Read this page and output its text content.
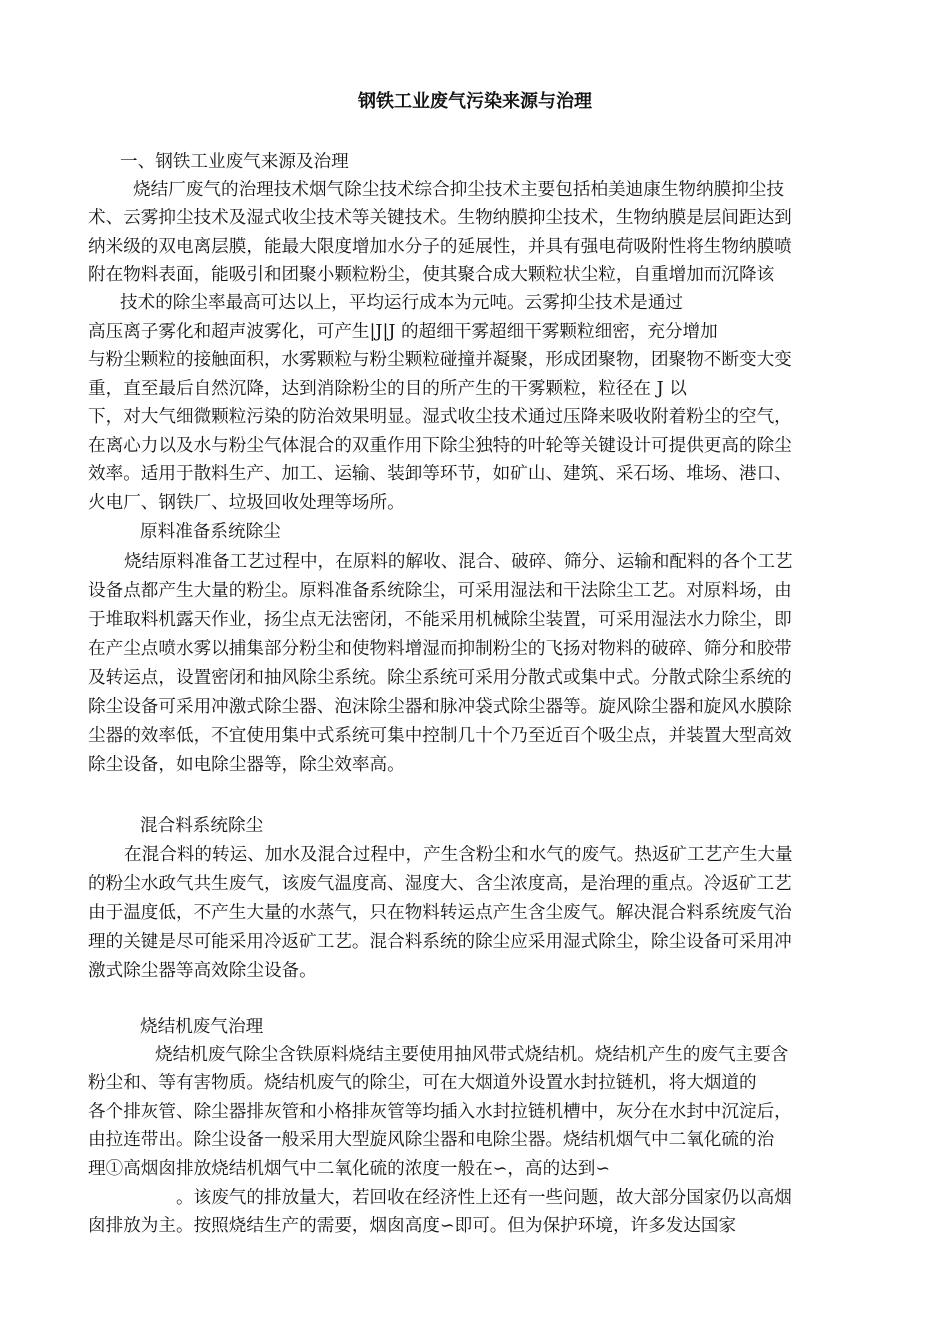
钢铁工业废气污染来源与治理
一、钢铁工业废气来源及治理
烧结厂废气的治理技术烟气除尘技术综合抑尘技术主要包括柏美迪康生物纳膜抑尘技
术、云雾抑尘技术及湿式收尘技术等关键技术。生物纳膜抑尘技术，生物纳膜是层间距达到
纳米级的双电离层膜，能最大限度增加水分子的延展性，并具有强电荷吸附性将生物纳膜喷
附在物料表面，能吸引和团聚小颗粒粉尘，使其聚合成大颗粒状尘粒，自重增加而沉降该
技术的除尘率最高可达以上，平均运行成本为元吨。云雾抑尘技术是通过
高压离子雾化和超声波雾化，可产生|J|J 的超细干雾超细干雾颗粒细密，充分增加
与粉尘颗粒的接触面积，水雾颗粒与粉尘颗粒碰撞并凝聚，形成团聚物，团聚物不断变大变
重，直至最后自然沉降，达到消除粉尘的目的所产生的干雾颗粒，粒径在 J 以
下，对大气细微颗粒污染的防治效果明显。湿式收尘技术通过压降来吸收附着粉尘的空气，
在离心力以及水与粉尘气体混合的双重作用下除尘独特的叶轮等关键设计可提供更高的除尘
效率。适用于散料生产、加工、运输、装卸等环节，如矿山、建筑、采石场、堆场、港口、
火电厂、钢铁厂、垃圾回收处理等场所。
原料准备系统除尘
烧结原料准备工艺过程中，在原料的解收、混合、破碎、筛分、运输和配料的各个工艺
设备点都产生大量的粉尘。原料准备系统除尘，可采用湿法和干法除尘工艺。对原料场，由
于堆取料机露天作业，扬尘点无法密闭，不能采用机械除尘装置，可采用湿法水力除尘，即
在产尘点喷水雾以捕集部分粉尘和使物料增湿而抑制粉尘的飞扬对物料的破碎、筛分和胶带
及转运点，设置密闭和抽风除尘系统。除尘系统可采用分散式或集中式。分散式除尘系统的
除尘设备可采用冲激式除尘器、泡沫除尘器和脉冲袋式除尘器等。旋风除尘器和旋风水膜除
尘器的效率低，不宜使用集中式系统可集中控制几十个乃至近百个吸尘点，并装置大型高效
除尘设备，如电除尘器等，除尘效率高。
混合料系统除尘
在混合料的转运、加水及混合过程中，产生含粉尘和水气的废气。热返矿工艺产生大量
的粉尘水政气共生废气，该废气温度高、湿度大、含尘浓度高，是治理的重点。冷返矿工艺
由于温度低，不产生大量的水蒸气，只在物料转运点产生含尘废气。解决混合料系统废气治
理的关键是尽可能采用冷返矿工艺。混合料系统的除尘应采用湿式除尘，除尘设备可采用冲
激式除尘器等高效除尘设备。
烧结机废气治理
烧结机废气除尘含铁原料烧结主要使用抽风带式烧结机。烧结机产生的废气主要含
粉尘和、等有害物质。烧结机废气的除尘，可在大烟道外设置水封拉链机，将大烟道的
各个排灰管、除尘器排灰管和小格排灰管等均插入水封拉链机槽中，灰分在水封中沉淀后，
由拉连带出。除尘设备一般采用大型旋风除尘器和电除尘器。烧结机烟气中二氧化硫的治
理①高烟囱排放烧结机烟气中二氧化硫的浓度一般在∽，高的达到∽
。该废气的排放量大，若回收在经济性上还有一些问题，故大部分国家仍以高烟
囱排放为主。按照烧结生产的需要，烟囱高度∽即可。但为保护环境，许多发达国家
